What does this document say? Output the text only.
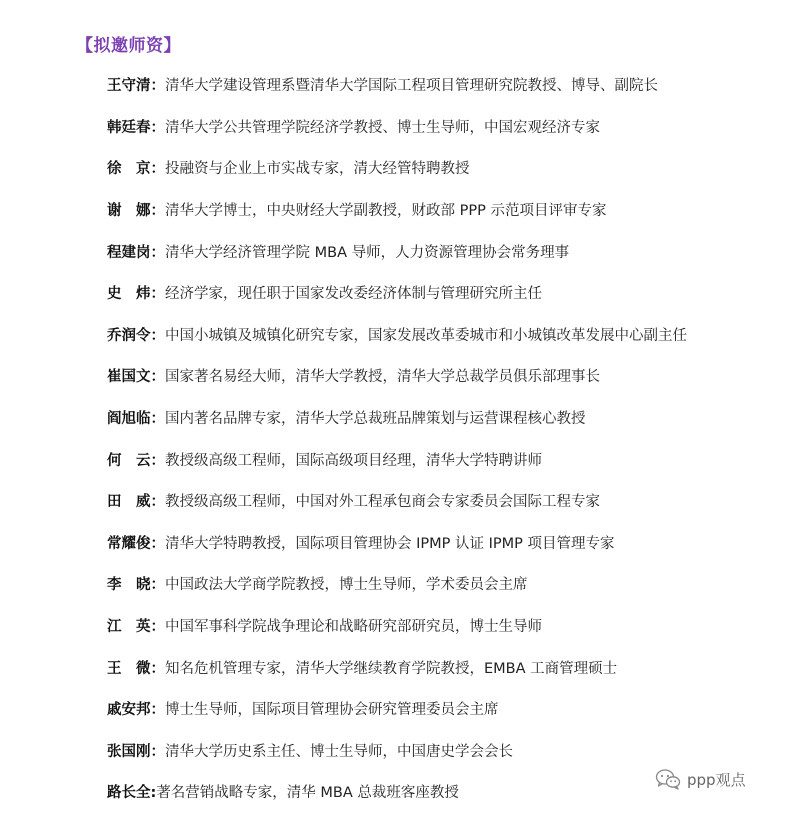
【拟邀师资】
王守清： 清华大学建设管理系暨清华大学国际工程项目管理研究院教授、博导、副院长
韩廷春： 清华大学公共管理学院经济学教授、博士生导师，中国宏观经济专家
徐　京： 投融资与企业上市实战专家，清大经管特聘教授
谢　娜： 清华大学博士，中央财经大学副教授，财政部 PPP 示范项目评审专家
程建岗： 清华大学经济管理学院 MBA 导师，人力资源管理协会常务理事
史　炜： 经济学家，现任职于国家发改委经济体制与管理研究所主任
乔润令： 中国小城镇及城镇化研究专家，国家发展改革委城市和小城镇改革发展中心副主任
崔国文： 国家著名易经大师，清华大学教授，清华大学总裁学员俱乐部理事长
阎旭临： 国内著名品牌专家，清华大学总裁班品牌策划与运营课程核心教授
何　云： 教授级高级工程师，国际高级项目经理，清华大学特聘讲师
田　威： 教授级高级工程师，中国对外工程承包商会专家委员会国际工程专家
常耀俊： 清华大学特聘教授，国际项目管理协会 IPMP 认证 IPMP 项目管理专家
李　晓： 中国政法大学商学院教授，博士生导师，学术委员会主席
江　英： 中国军事科学院战争理论和战略研究部研究员，博士生导师
王　微： 知名危机管理专家，清华大学继续教育学院教授，EMBA 工商管理硕士
戚安邦： 博士生导师，国际项目管理协会研究管理委员会主席
张国刚： 清华大学历史系主任、博士生导师，中国唐史学会会长
路长全: 著名营销战略专家，清华 MBA 总裁班客座教授
ppp观点
